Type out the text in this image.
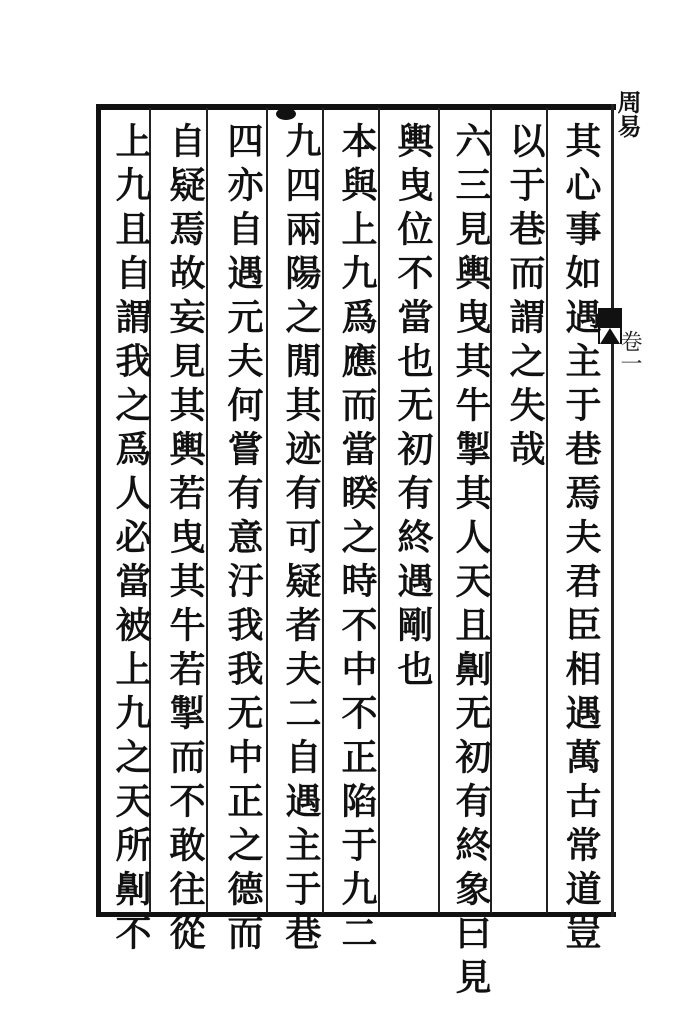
周易
卷一
其心事如遇主于巷焉夫君臣相遇萬古常道豈
以于巷而謂之失哉
六三見輿曳其牛掣其人天且劓无初有終象曰見
輿曳位不當也无初有終遇剛也
本與上九爲應而當睽之時不中不正陷于九二
九四兩陽之閒其迹有可疑者夫二自遇主于巷
四亦自遇元夫何嘗有意汙我我无中正之德而
自疑焉故妄見其輿若曳其牛若掣而不敢往從
上九且自謂我之爲人必當被上九之天所劓不
